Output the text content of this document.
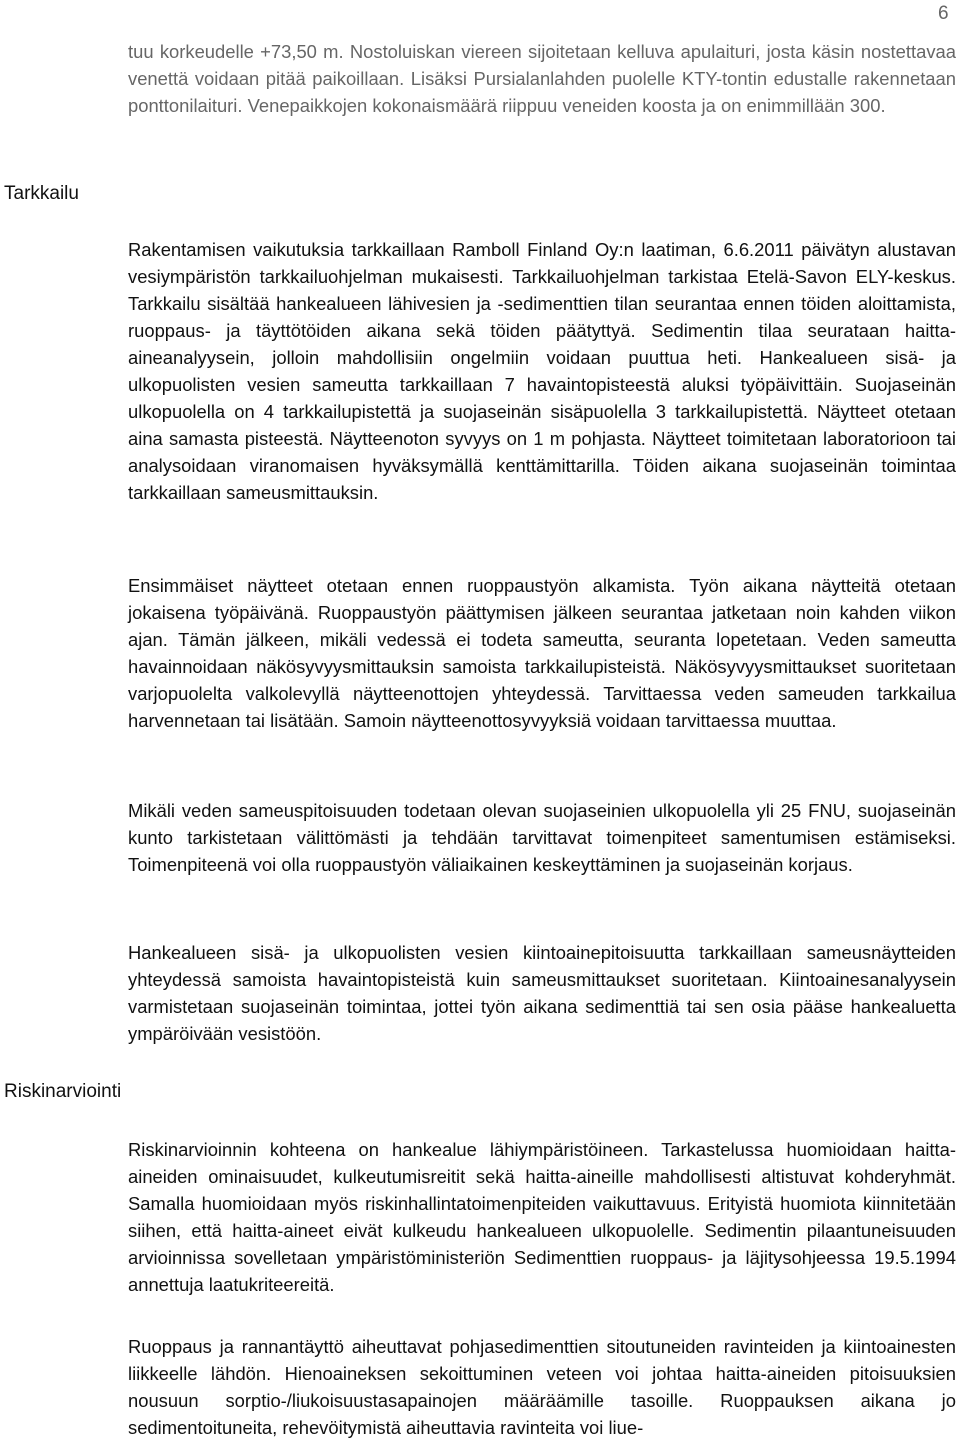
6

tuu korkeudelle +73,50 m. Nostoluiskan viereen sijoitetaan kelluva apulaituri, josta käsin nostettavaa venettä voidaan pitää paikoillaan. Lisäksi Pursialanlahden puolelle KTY-tontin edustalle rakennetaan ponttonilaituri. Venepaikkojen kokonaismäärä riippuu veneiden koosta ja on enimmillään 300.

Tarkkailu

Rakentamisen vaikutuksia tarkkaillaan Ramboll Finland Oy:n laatiman, 6.6.2011 päivätyn alustavan vesiympäristön tarkkailuohjelman mukaisesti. Tarkkailuohjelman tarkistaa Etelä-Savon ELY-keskus. Tarkkailu sisältää hankealueen lähivesien ja -sedimenttien tilan seurantaa ennen töiden aloittamista, ruoppaus- ja täyttötöiden aikana sekä töiden päätyttyä. Sedimentin tilaa seurataan haitta-aineanalyysein, jolloin mahdollisiin ongelmiin voidaan puuttua heti. Hankealueen sisä- ja ulkopuolisten vesien sameutta tarkkaillaan 7 havaintopisteestä aluksi työpäivittäin. Suojaseinän ulkopuolella on 4 tarkkailupistettä ja suojaseinän sisäpuolella 3 tarkkailupistettä. Näytteet otetaan aina samasta pisteestä. Näytteenoton syvyys on 1 m pohjasta. Näytteet toimitetaan laboratorioon tai analysoidaan viranomaisen hyväksymällä kenttämittarilla. Töiden aikana suojaseinän toimintaa tarkkaillaan sameusmittauksin.

Ensimmäiset näytteet otetaan ennen ruoppaustyön alkamista. Työn aikana näytteitä otetaan jokaisena työpäivänä. Ruoppaustyön päättymisen jälkeen seurantaa jatketaan noin kahden viikon ajan. Tämän jälkeen, mikäli vedessä ei todeta sameutta, seuranta lopetetaan. Veden sameutta havainnoidaan näkösyvyysmittauksin samoista tarkkailupisteistä. Näkösyvyysmittaukset suoritetaan varjopuolelta valkolevyllä näytteenottojen yhteydessä. Tarvittaessa veden sameuden tarkkailua harvennetaan tai lisätään. Samoin näytteenottosyvyyksiä voidaan tarvittaessa muuttaa.

Mikäli veden sameuspitoisuuden todetaan olevan suojaseinien ulkopuolella yli 25 FNU, suojaseinän kunto tarkistetaan välittömästi ja tehdään tarvittavat toimenpiteet samentumisen estämiseksi. Toimenpiteenä voi olla ruoppaustyön väliaikainen keskeyttäminen ja suojaseinän korjaus.

Hankealueen sisä- ja ulkopuolisten vesien kiintoainepitoisuutta tarkkaillaan sameusnäytteiden yhteydessä samoista havaintopisteistä kuin sameusmittaukset suoritetaan. Kiintoainesanalyysein varmistetaan suojaseinän toimintaa, jottei työn aikana sedimenttiä tai sen osia pääse hankealuetta ympäröivään vesistöön.

Riskinarviointi

Riskinarvioinnin kohteena on hankealue lähiympäristöineen. Tarkastelussa huomioidaan haitta-aineiden ominaisuudet, kulkeutumisreitit sekä haitta-aineille mahdollisesti altistuvat kohderyhmät. Samalla huomioidaan myös riskinhallintatoimenpiteiden vaikuttavuus. Erityistä huomiota kiinnitetään siihen, että haitta-aineet eivät kulkeudu hankealueen ulkopuolelle. Sedimentin pilaantuneisuuden arvioinnissa sovelletaan ympäristöministeriön Sedimenttien ruoppaus- ja läjitysohjeessa 19.5.1994 annettuja laatukriteereitä.

Ruoppaus ja rannantäyttö aiheuttavat pohjasedimenttien sitoutuneiden ravinteiden ja kiintoainesten liikkeelle lähdön. Hienoaineksen sekoittuminen veteen voi johtaa haitta-aineiden pitoisuuksien nousuun sorptio-/liukoisuustasapainojen määräämille tasoille. Ruoppauksen aikana jo sedimentoituneita, rehevöitymistä aiheuttavia ravinteita voi liue-
